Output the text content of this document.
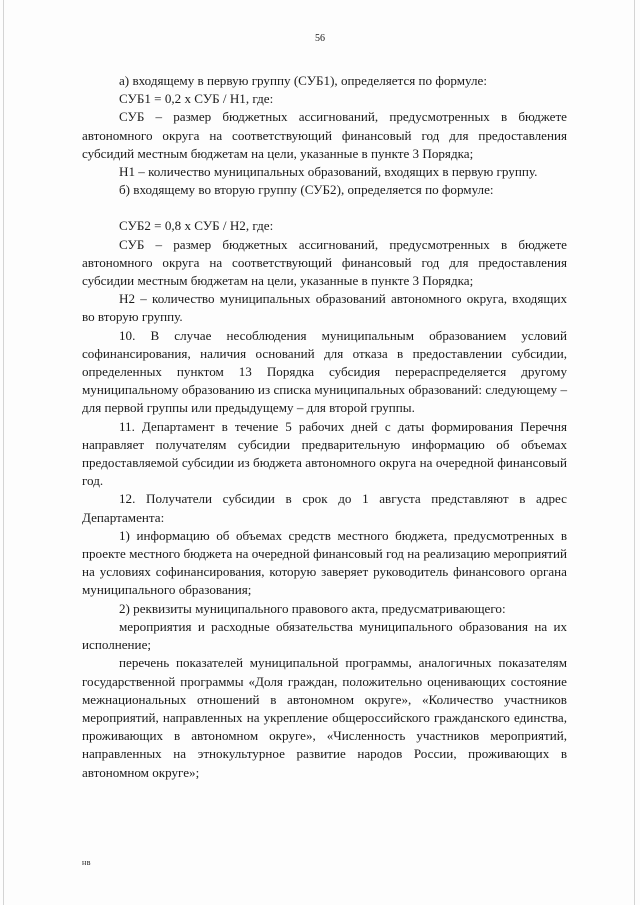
56

а) входящему в первую группу (СУБ1), определяется по формуле:

СУБ1 = 0,2 х СУБ / Н1, где:

СУБ – размер бюджетных ассигнований, предусмотренных в бюджете автономного округа на соответствующий финансовый год для предоставления субсидий местным бюджетам на цели, указанные в пункте 3 Порядка;

Н1 – количество муниципальных образований, входящих в первую группу.

б) входящему во вторую группу (СУБ2), определяется по формуле:

СУБ2 = 0,8 х СУБ / Н2, где:

СУБ – размер бюджетных ассигнований, предусмотренных в бюджете автономного округа на соответствующий финансовый год для предоставления субсидии местным бюджетам на цели, указанные в пункте 3 Порядка;

Н2 – количество муниципальных образований автономного округа, входящих во вторую группу.

10. В случае несоблюдения муниципальным образованием условий софинансирования, наличия оснований для отказа в предоставлении субсидии, определенных пунктом 13 Порядка субсидия перераспределяется другому муниципальному образованию из списка муниципальных образований: следующему – для первой группы или предыдущему – для второй группы.

11. Департамент в течение 5 рабочих дней с даты формирования Перечня направляет получателям субсидии предварительную информацию об объемах предоставляемой субсидии из бюджета автономного округа на очередной финансовый год.

12. Получатели субсидии в срок до 1 августа представляют в адрес Департамента:

1) информацию об объемах средств местного бюджета, предусмотренных в проекте местного бюджета на очередной финансовый год на реализацию мероприятий на условиях софинансирования, которую заверяет руководитель финансового органа муниципального образования;

2) реквизиты муниципального правового акта, предусматривающего:

мероприятия и расходные обязательства муниципального образования на их исполнение;

перечень показателей муниципальной программы, аналогичных показателям государственной программы «Доля граждан, положительно оценивающих состояние межнациональных отношений в автономном округе», «Количество участников мероприятий, направленных на укрепление общероссийского гражданского единства, проживающих в автономном округе», «Численность участников мероприятий, направленных на этнокультурное развитие народов России, проживающих в автономном округе»;

нв
